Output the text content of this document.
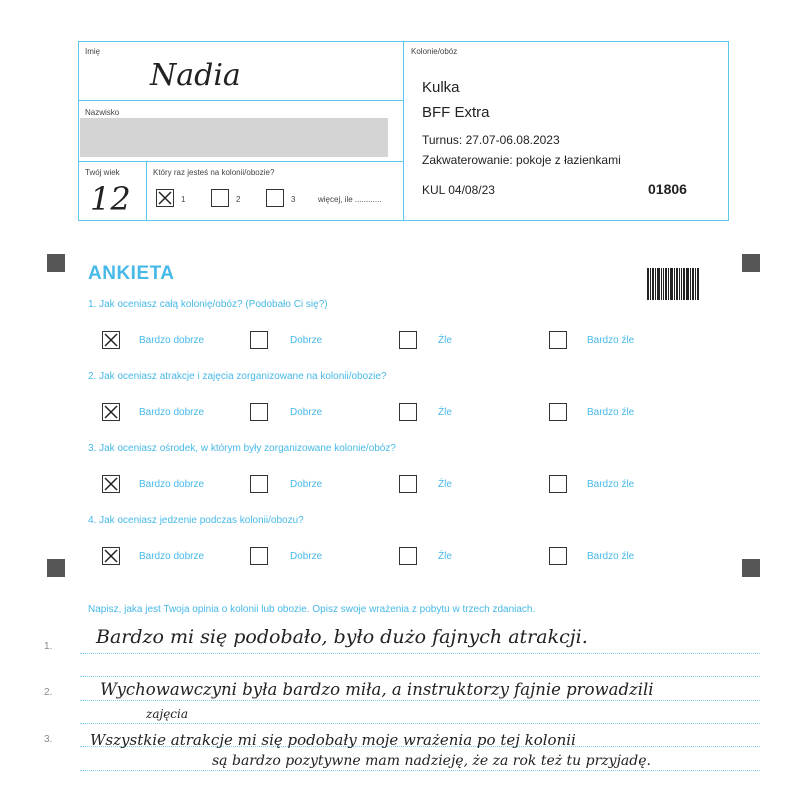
Imię
Nadia
Nazwisko
Twój wiek
12
Który raz jesteś na kolonii/obozie?
1	2	3	więcej, ile ............
Kolonie/obóz
Kulka
BFF Extra
Turnus: 27.07-06.08.2023
Zakwaterowanie: pokoje z łazienkami
KUL 04/08/23	01806
ANKIETA
1. Jak oceniasz całą kolonię/obóz? (Podobało Ci się?)
Bardzo dobrze	Dobrze	Źle	Bardzo źle
2. Jak oceniasz atrakcje i zajęcia zorganizowane na kolonii/obozie?
Bardzo dobrze	Dobrze	Źle	Bardzo źle
3. Jak oceniasz ośrodek, w którym były zorganizowane kolonie/obóz?
Bardzo dobrze	Dobrze	Źle	Bardzo źle
4. Jak oceniasz jedzenie podczas kolonii/obozu?
Bardzo dobrze	Dobrze	Źle	Bardzo źle
Napisz, jaka jest Twoja opinia o kolonii lub obozie. Opisz swoje wrażenia z pobytu w trzech zdaniach.
1.
2.
3.
Bardzo mi się podobało, było dużo fajnych atrakcji.
Wychowawczyni była bardzo miła, a instruktorzy fajnie prowadzili
zajęcia
Wszystkie atrakcje mi się podobały moje wrażenia po tej kolonii
są bardzo pozytywne mam nadzieję, że za rok też tu przyjadę.
